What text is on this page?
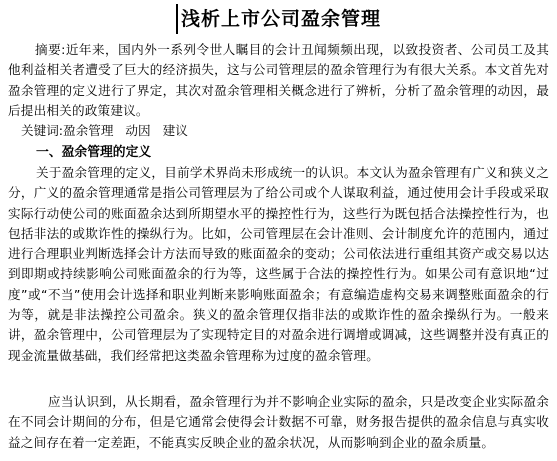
浅析上市公司盈余管理

摘要:近年来，国内外一系列令世人瞩目的会计丑闻频频出现，以致投资者、公司员工及其他利益相关者遭受了巨大的经济损失，这与公司管理层的盈余管理行为有很大关系。本文首先对盈余管理的定义进行了界定，其次对盈余管理相关概念进行了辨析，分析了盈余管理的动因，最后提出相关的政策建议。

关键词:盈余管理 动因 建议

一、盈余管理的定义

关于盈余管理的定义，目前学术界尚未形成统一的认识。本文认为盈余管理有广义和狭义之分，广义的盈余管理通常是指公司管理层为了给公司或个人谋取利益，通过使用会计手段或采取实际行动使公司的账面盈余达到所期望水平的操控性行为，这些行为既包括合法操控性行为，也包括非法的或欺诈性的操纵行为。比如，公司管理层在会计准则、会计制度允许的范围内，通过进行合理职业判断选择会计方法而导致的账面盈余的变动；公司依法进行重组其资产或交易以达到即期或持续影响公司账面盈余的行为等，这些属于合法的操控性行为。如果公司有意识地“过度”或“不当”使用会计选择和职业判断来影响账面盈余；有意编造虚构交易来调整账面盈余的行为等，就是非法操控公司盈余。狭义的盈余管理仅指非法的或欺诈性的盈余操纵行为。一般来讲，盈余管理中，公司管理层为了实现特定目的对盈余进行调增或调减，这些调整并没有真正的现金流量做基础，我们经常把这类盈余管理称为过度的盈余管理。

应当认识到，从长期看，盈余管理行为并不影响企业实际的盈余，只是改变企业实际盈余在不同会计期间的分布，但是它通常会使得会计数据不可靠，财务报告提供的盈余信息与真实收益之间存在着一定差距，不能真实反映企业的盈余状况，从而影响到企业的盈余质量。
